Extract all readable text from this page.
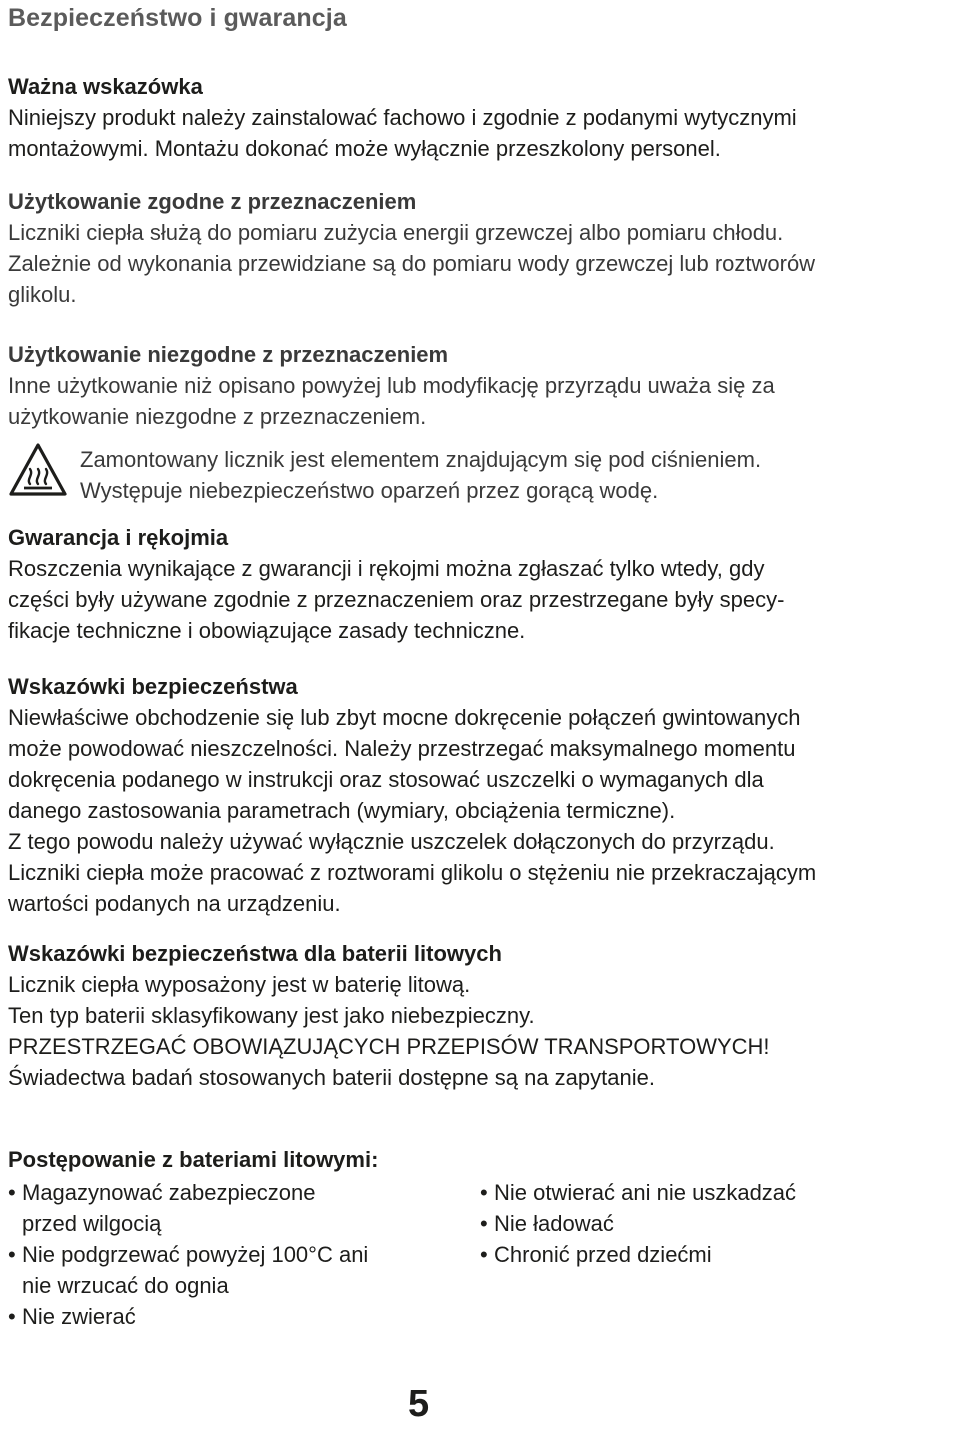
Bezpieczeństwo i gwarancja
Ważna wskazówka
Niniejszy produkt należy zainstalować fachowo i zgodnie z podanymi wytycznymi
montażowymi. Montażu dokonać może wyłącznie przeszkolony personel.
Użytkowanie zgodne z przeznaczeniem
Liczniki ciepła służą do pomiaru zużycia energii grzewczej albo pomiaru chłodu.
Zależnie od wykonania przewidziane są do pomiaru wody grzewczej lub roztworów
glikolu.
Użytkowanie niezgodne z przeznaczeniem
Inne użytkowanie niż opisano powyżej lub modyfikację przyrządu uważa się za
użytkowanie niezgodne z przeznaczeniem.
Zamontowany licznik jest elementem znajdującym się pod ciśnieniem.
Występuje niebezpieczeństwo oparzeń przez gorącą wodę.
Gwarancja i rękojmia
Roszczenia wynikające z gwarancji i rękojmi można zgłaszać tylko wtedy, gdy
części były używane zgodnie z przeznaczeniem oraz przestrzegane były specy-
fikacje techniczne i obowiązujące zasady techniczne.
Wskazówki bezpieczeństwa
Niewłaściwe obchodzenie się lub zbyt mocne dokręcenie połączeń gwintowanych
może powodować nieszczelności. Należy przestrzegać maksymalnego momentu
dokręcenia podanego w instrukcji oraz stosować uszczelki o wymaganych dla
danego zastosowania parametrach (wymiary, obciążenia termiczne).
Z tego powodu należy używać wyłącznie uszczelek dołączonych do przyrządu.
Liczniki ciepła może pracować z roztworami glikolu o stężeniu nie przekraczającym
wartości podanych na urządzeniu.
Wskazówki bezpieczeństwa dla baterii litowych
Licznik ciepła wyposażony jest w baterię litową.
Ten typ baterii sklasyfikowany jest jako niebezpieczny.
PRZESTRZEGAĆ OBOWIĄZUJĄCYCH PRZEPISÓW TRANSPORTOWYCH!
Świadectwa badań stosowanych baterii dostępne są na zapytanie.
Postępowanie z bateriami litowymi:
• Magazynować zabezpieczone
przed wilgocią
• Nie podgrzewać powyżej 100°C ani
nie wrzucać do ognia
• Nie zwierać
• Nie otwierać ani nie uszkadzać
• Nie ładować
• Chronić przed dziećmi
5
